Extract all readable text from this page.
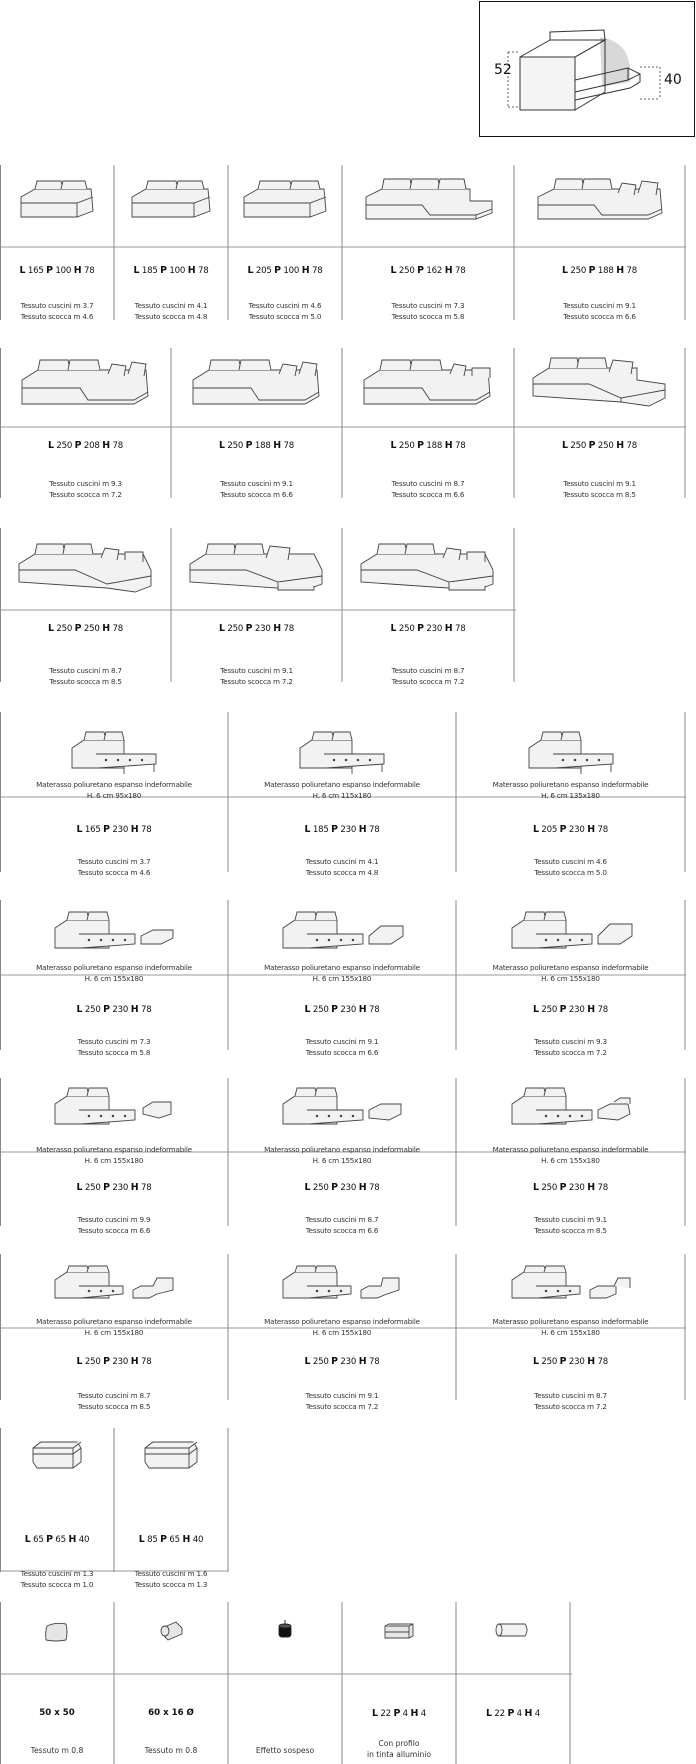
52
40
L 165 P 100 H 78
Tessuto cuscini m 3.7
Tessuto scocca m 4.6
L 185 P 100 H 78
Tessuto cuscini m 4.1
Tessuto scocca m 4.8
L 205 P 100 H 78
Tessuto cuscini m 4.6
Tessuto scocca m 5.0
L 250 P 162 H 78
Tessuto cuscini m 7.3
Tessuto scocca m 5.8
L 250 P 188 H 78
Tessuto cuscini m 9.1
Tessuto scocca m 6.6
L 250 P 208 H 78
Tessuto cuscini m 9.3
Tessuto scocca m 7.2
L 250 P 188 H 78
Tessuto cuscini m 9.1
Tessuto scocca m 6.6
L 250 P 188 H 78
Tessuto cuscini m 8.7
Tessuto scocca m 6.6
L 250 P 250 H 78
Tessuto cuscini m 9.1
Tessuto scocca m 8.5
L 250 P 250 H 78
Tessuto cuscini m 8.7
Tessuto scocca m 8.5
L 250 P 230 H 78
Tessuto cuscini m 9.1
Tessuto scocca m 7.2
L 250 P 230 H 78
Tessuto cuscini m 8.7
Tessuto scocca m 7.2
Materasso poliuretano espanso indeformabile
H. 6 cm 95x180
L 165 P 230 H 78
Tessuto cuscini m 3.7
Tessuto scocca m 4.6
Materasso poliuretano espanso indeformabile
H. 6 cm 115x180
L 185 P 230 H 78
Tessuto cuscini m 4.1
Tessuto scocca m 4.8
Materasso poliuretano espanso indeformabile
H. 6 cm 135x180
L 205 P 230 H 78
Tessuto cuscini m 4.6
Tessuto scocca m 5.0
Materasso poliuretano espanso indeformabile
H. 6 cm 155x180
L 250 P 230 H 78
Tessuto cuscini m 7.3
Tessuto scocca m 5.8
Materasso poliuretano espanso indeformabile
H. 6 cm 155x180
L 250 P 230 H 78
Tessuto cuscini m 9.1
Tessuto scocca m 6.6
Materasso poliuretano espanso indeformabile
H. 6 cm 155x180
L 250 P 230 H 78
Tessuto cuscini m 9.3
Tessuto scocca m 7.2
Materasso poliuretano espanso indeformabile
H. 6 cm 155x180
L 250 P 230 H 78
Tessuto cuscini m 9.9
Tessuto scocca m 6.6
Materasso poliuretano espanso indeformabile
H. 6 cm 155x180
L 250 P 230 H 78
Tessuto cuscini m 8.7
Tessuto scocca m 6.6
Materasso poliuretano espanso indeformabile
H. 6 cm 155x180
L 250 P 230 H 78
Tessuto cuscini m 9.1
Tessuto scocca m 8.5
Materasso poliuretano espanso indeformabile
H. 6 cm 155x180
L 250 P 230 H 78
Tessuto cuscini m 8.7
Tessuto scocca m 8.5
Materasso poliuretano espanso indeformabile
H. 6 cm 155x180
L 250 P 230 H 78
Tessuto cuscini m 9.1
Tessuto scocca m 7.2
Materasso poliuretano espanso indeformabile
H. 6 cm 155x180
L 250 P 230 H 78
Tessuto cuscini m 8.7
Tessuto scocca m 7.2
L 65 P 65 H 40
Tessuto cuscini m 1.3
Tessuto scocca m 1.0
L 85 P 65 H 40
Tessuto cuscini m 1.6
Tessuto scocca m 1.3
50 x 50
Tessuto m 0.8
60 x 16 Ø
Tessuto m 0.8	Effetto sospeso
L 22 P 4 H 4
Con profilo
in tinta alluminio
L 22 P 4 H 4
